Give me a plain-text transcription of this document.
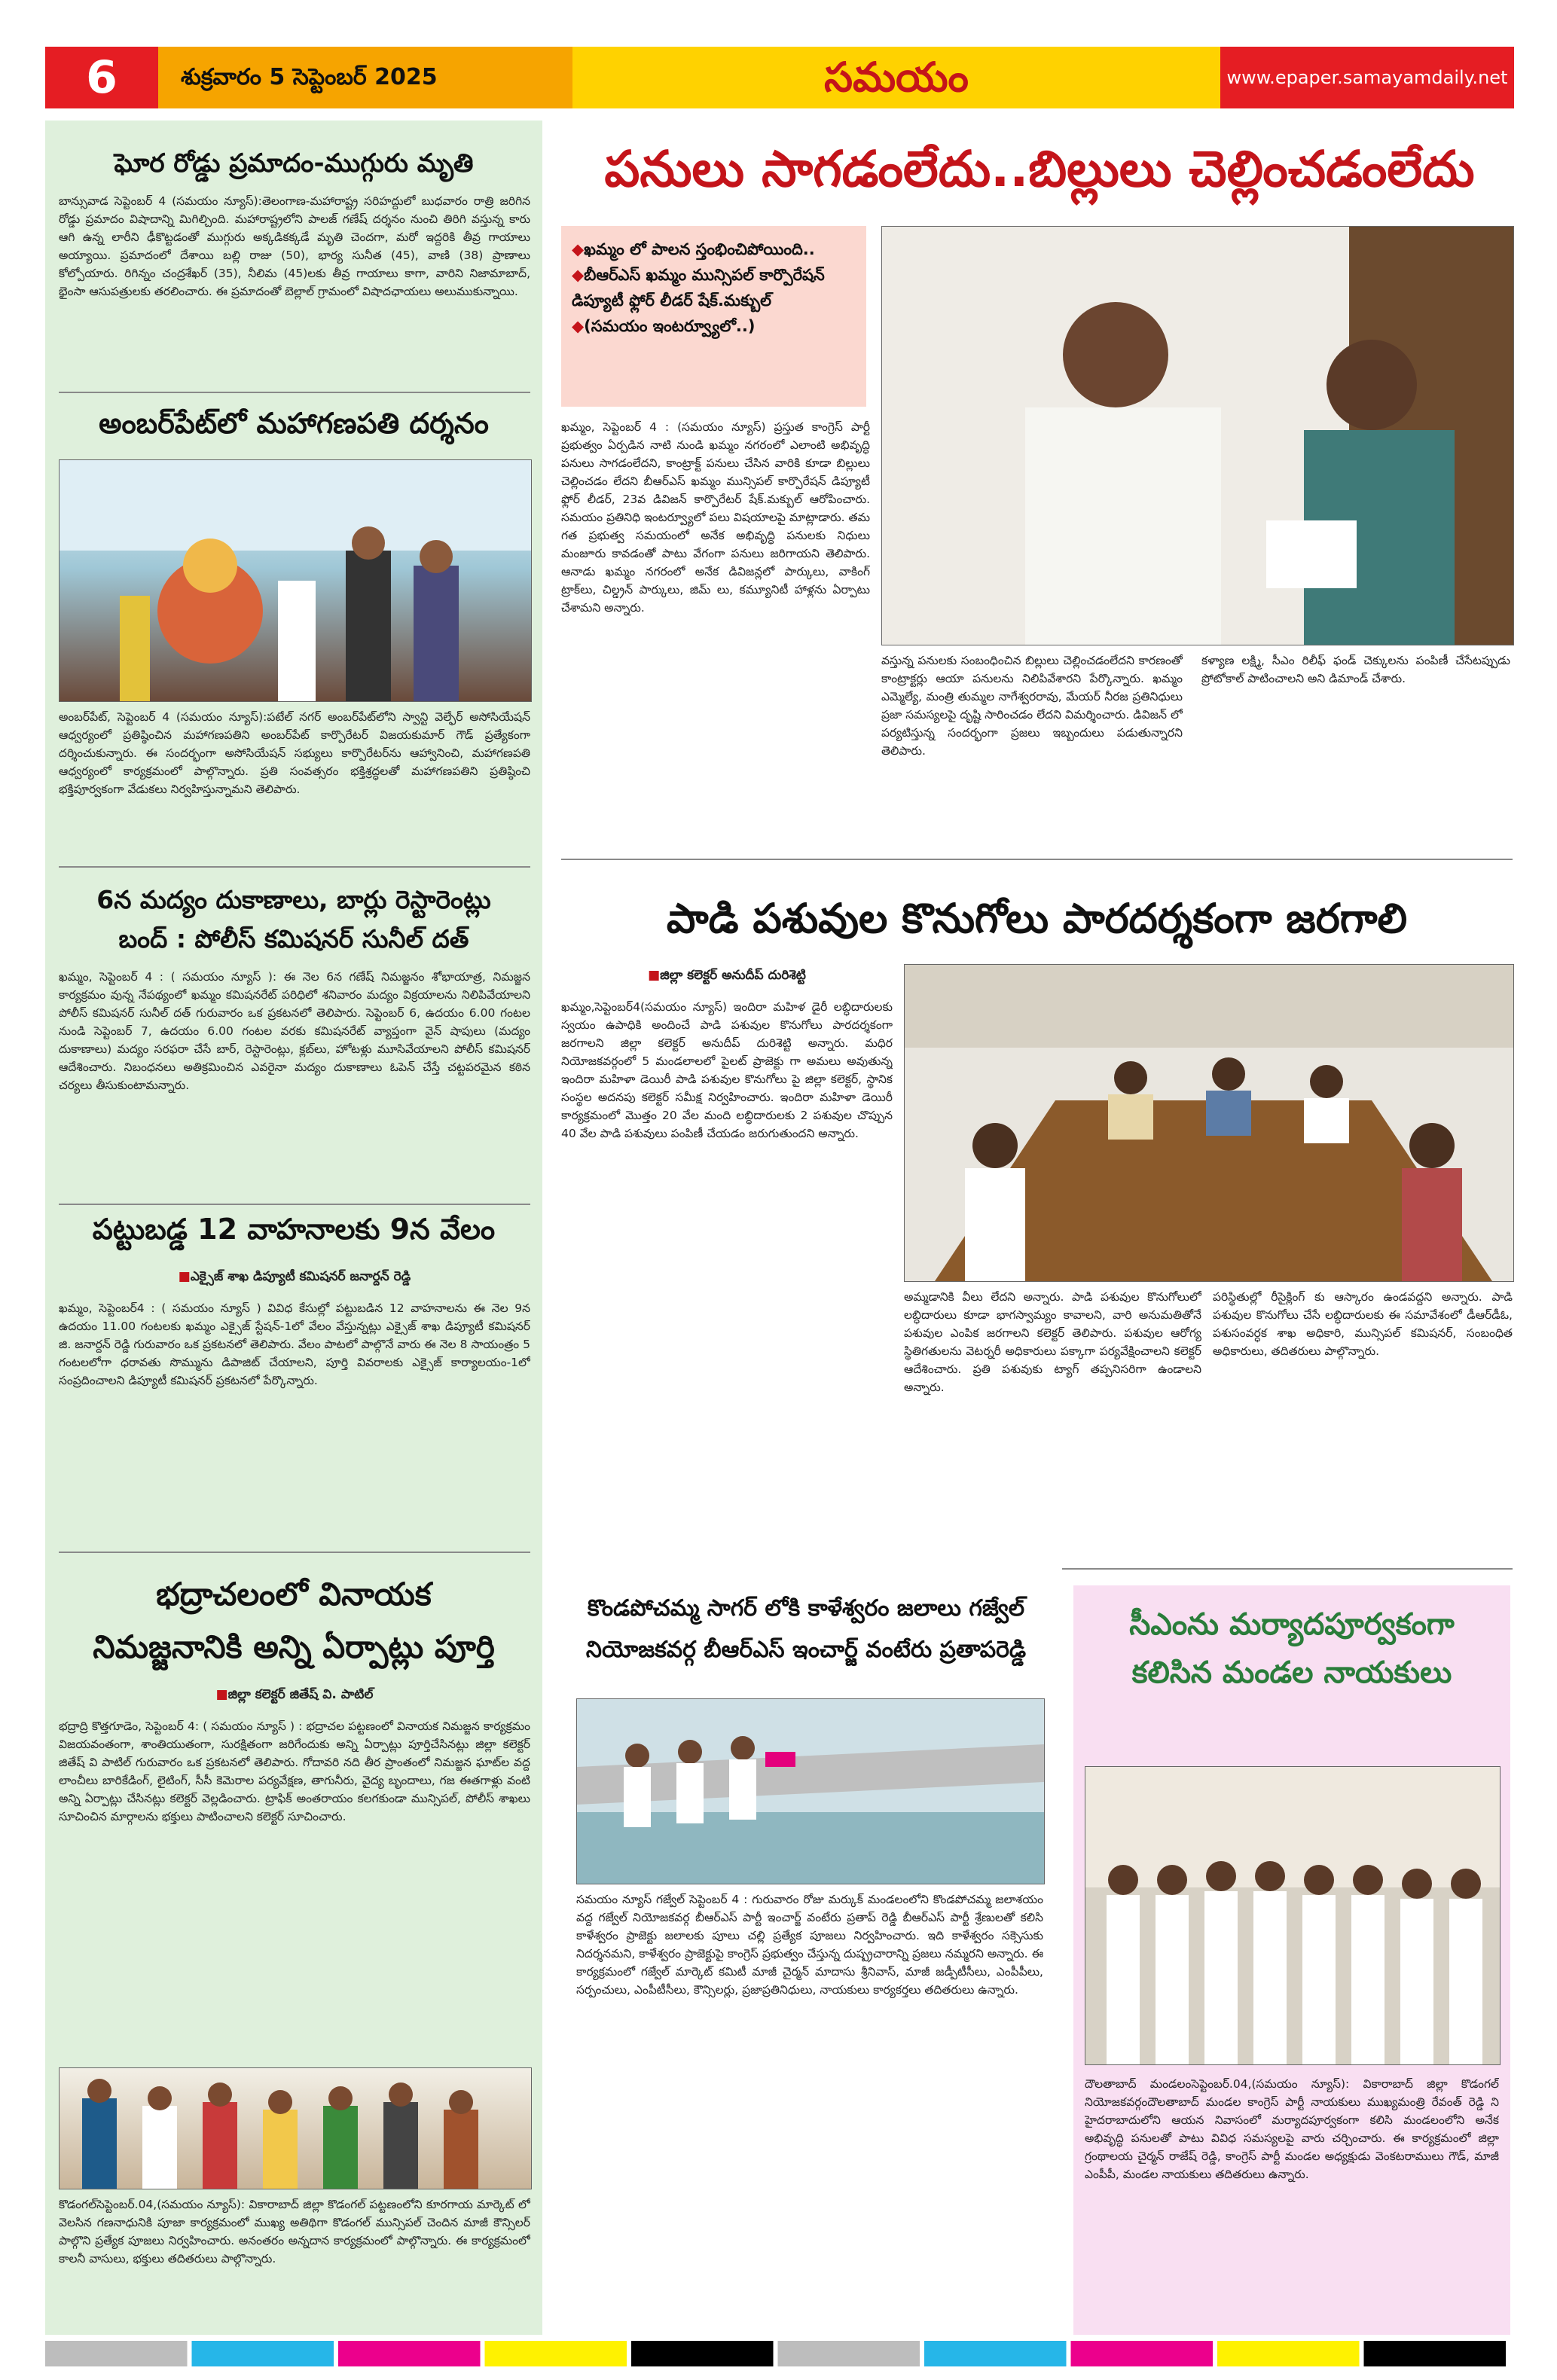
6	శుక్రవారం 5 సెప్టెంబర్ 2025	సమయం	www.epaper.samayamdaily.net
ఘోర రోడ్డు ప్రమాదం-ముగ్గురు మృతి
బాన్సువాడ సెప్టెంబర్ 4 (సమయం న్యూస్):తెలంగాణ-మహారాష్ట్ర సరిహద్దులో బుధవారం రాత్రి జరిగిన రోడ్డు ప్రమాదం విషాదాన్ని మిగిల్చింది. మహారాష్ట్రలోని పాలజ్ గణేష్ దర్శనం నుంచి తిరిగి వస్తున్న కారు ఆగి ఉన్న లారీని ఢీకొట్టడంతో ముగ్గురు అక్కడికక్కడే మృతి చెందగా, మరో ఇద్దరికి తీవ్ర గాయాలు అయ్యాయి. ప్రమాదంలో దేశాయి బల్లి రాజు (50), భార్య సునీత (45), వాణి (38) ప్రాణాలు కోల్పోయారు. రిగిన్నం చంద్రశేఖర్ (35), నీలిమ (45)లకు తీవ్ర గాయాలు కాగా, వారిని నిజామాబాద్, భైంసా ఆసుపత్రులకు తరలించారు. ఈ ప్రమాదంతో బెల్లాల్ గ్రామంలో విషాదఛాయలు అలుముకున్నాయి.
అంబర్‌పేట్‌లో మహాగణపతి దర్శనం
అంబర్‌పేట్, సెప్టెంబర్ 4 (సమయం న్యూస్):పటేల్ నగర్ అంబర్‌పేట్‌లోని స్వాన్టి వెల్ఫేర్ అసోసియేషన్ ఆధ్వర్యంలో ప్రతిష్ఠించిన మహాగణపతిని అంబర్‌పేట్ కార్పొరేటర్ విజయకుమార్ గౌడ్ ప్రత్యేకంగా దర్శించుకున్నారు. ఈ సందర్భంగా అసోసియేషన్ సభ్యులు కార్పొరేటర్‌ను ఆహ్వానించి, మహాగణపతి ఆధ్వర్యంలో కార్యక్రమంలో పాల్గొన్నారు. ప్రతి సంవత్సరం భక్తిశ్రద్ధలతో మహాగణపతిని ప్రతిష్ఠించి భక్తిపూర్వకంగా వేడుకలు నిర్వహిస్తున్నామని తెలిపారు.
6న మద్యం దుకాణాలు, బార్లు రెస్టారెంట్లు
బంద్ : పోలీస్ కమిషనర్ సునీల్ దత్
ఖమ్మం, సెప్టెంబర్ 4 : ( సమయం న్యూస్ ): ఈ నెల 6న గణేష్ నిమజ్జనం శోభాయాత్ర, నిమజ్జన కార్యక్రమం వున్న నేపథ్యంలో ఖమ్మం కమిషనరేట్ పరిధిలో శనివారం మద్యం విక్రయాలను నిలిపివేయాలని పోలీస్ కమిషనర్ సునీల్ దత్ గురువారం ఒక ప్రకటనలో తెలిపారు. సెప్టెంబర్ 6, ఉదయం 6.00 గంటల నుండి సెప్టెంబర్ 7, ఉదయం 6.00 గంటల వరకు కమిషనరేట్ వ్యాప్తంగా వైన్ షాపులు (మద్యం దుకాణాలు) మద్యం సరఫరా చేసే బార్, రెస్టారెంట్లు, క్లబ్‌లు, హోటళ్లు మూసివేయాలని పోలీస్ కమిషనర్ ఆదేశించారు. నిబంధనలు అతిక్రమించిన ఎవరైనా మద్యం దుకాణాలు ఓపెన్ చేస్తే చట్టపరమైన కఠిన చర్యలు తీసుకుంటామన్నారు.
పట్టుబడ్డ 12 వాహనాలకు 9న వేలం
■ ఎక్సైజ్ శాఖ డిప్యూటీ కమిషనర్ జనార్దన్ రెడ్డి
ఖమ్మం, సెప్టెంబర్4 : ( సమయం న్యూస్ ) వివిధ కేసుల్లో పట్టుబడిన 12 వాహనాలను ఈ నెల 9న ఉదయం 11.00 గంటలకు ఖమ్మం ఎక్సైజ్ స్టేషన్-1లో వేలం వేస్తున్నట్లు ఎక్సైజ్ శాఖ డిప్యూటీ కమిషనర్ జి. జనార్దన్ రెడ్డి గురువారం ఒక ప్రకటనలో తెలిపారు. వేలం పాటలో పాల్గొనే వారు ఈ నెల 8 సాయంత్రం 5 గంటలలోగా ధరావతు సొమ్మును డిపాజిట్ చేయాలని, పూర్తి వివరాలకు ఎక్సైజ్ కార్యాలయం-1లో సంప్రదించాలని డిప్యూటీ కమిషనర్ ప్రకటనలో పేర్కొన్నారు.
భద్రాచలంలో వినాయక
నిమజ్జనానికి అన్ని ఏర్పాట్లు పూర్తి
■ జిల్లా కలెక్టర్ జితేష్ వి. పాటిల్
భద్రాద్రి కొత్తగూడెం, సెప్టెంబర్ 4: ( సమయం న్యూస్ ) : భద్రాచల పట్టణంలో వినాయక నిమజ్జన కార్యక్రమం విజయవంతంగా, శాంతియుతంగా, సురక్షితంగా జరిగేందుకు అన్ని ఏర్పాట్లు పూర్తిచేసినట్లు జిల్లా కలెక్టర్ జితేష్ వి పాటిల్ గురువారం ఒక ప్రకటనలో తెలిపారు. గోదావరి నది తీర ప్రాంతంలో నిమజ్జన ఘాట్‌ల వద్ద లాంచీలు బారికేడింగ్, లైటింగ్, సీసీ కెమెరాల పర్యవేక్షణ, తాగునీరు, వైద్య బృందాలు, గజ ఈతగాళ్లు వంటి అన్ని ఏర్పాట్లు చేసినట్లు కలెక్టర్ వెల్లడించారు. ట్రాఫిక్ అంతరాయం కలగకుండా మున్సిపల్, పోలీస్ శాఖలు సూచించిన మార్గాలను భక్తులు పాటించాలని కలెక్టర్ సూచించారు.
కొడంగల్‌సెప్టెంబర్.04,(సమయం న్యూస్): వికారాబాద్ జిల్లా కొడంగల్ పట్టణంలోని కూరగాయ మార్కెట్ లో వెలసిన గణనాధునికి పూజా కార్యక్రమంలో ముఖ్య అతిథిగా కొడంగల్ మున్సిపల్ చెందిన మాజీ కౌన్సిలర్ పాల్గొని ప్రత్యేక పూజలు నిర్వహించారు. అనంతరం అన్నదాన కార్యక్రమంలో పాల్గొన్నారు. ఈ కార్యక్రమంలో కాలనీ వాసులు, భక్తులు తదితరులు పాల్గొన్నారు.
పనులు సాగడంలేదు..బిల్లులు చెల్లించడంలేదు
◆ ఖమ్మం లో పాలన స్తంభించిపోయింది..
◆ బీఆర్ఎస్ ఖమ్మం మున్సిపల్ కార్పొరేషన్ డిప్యూటీ ఫ్లోర్ లీడర్ షేక్.మక్బుల్
◆ (సమయం ఇంటర్వ్యూలో..)
ఖమ్మం, సెప్టెంబర్ 4 : (సమయం న్యూస్) ప్రస్తుత కాంగ్రెస్ పార్టీ ప్రభుత్వం ఏర్పడిన నాటి నుండి ఖమ్మం నగరంలో ఎలాంటి అభివృద్ధి పనులు సాగడంలేదని, కాంట్రాక్ట్ పనులు చేసిన వారికి కూడా బిల్లులు చెల్లించడం లేదని బీఆర్ఎస్ ఖమ్మం మున్సిపల్ కార్పొరేషన్ డిప్యూటీ ఫ్లోర్ లీడర్, 23వ డివిజన్ కార్పొరేటర్ షేక్.మక్బుల్ ఆరోపించారు. సమయం ప్రతినిధి ఇంటర్వ్యూలో పలు విషయాలపై మాట్లాడారు. తమ గత ప్రభుత్వ సమయంలో అనేక అభివృద్ధి పనులకు నిధులు మంజూరు కావడంతో పాటు వేగంగా పనులు జరిగాయని తెలిపారు. ఆనాడు ఖమ్మం నగరంలో అనేక డివిజన్లలో పార్కులు, వాకింగ్ ట్రాక్‌లు, చిల్డ్రన్ పార్కులు, జిమ్ లు, కమ్యూనిటీ హాళ్లను ఏర్పాటు చేశామని అన్నారు.
వస్తున్న పనులకు సంబంధించిన బిల్లులు చెల్లించడంలేదని కారణంతో కాంట్రాక్టర్లు ఆయా పనులను నిలిపివేశారని పేర్కొన్నారు. ఖమ్మం ఎమ్మెల్యే, మంత్రి తుమ్మల నాగేశ్వరరావు, మేయర్ నీరజ ప్రతినిధులు ప్రజా సమస్యలపై దృష్టి సారించడం లేదని విమర్శించారు. డివిజన్ లో పర్యటిస్తున్న సందర్భంగా ప్రజలు ఇబ్బందులు పడుతున్నారని తెలిపారు.
కళ్యాణ లక్ష్మి, సీఎం రిలీఫ్ ఫండ్ చెక్కులను పంపిణీ చేసేటప్పుడు ప్రోటోకాల్ పాటించాలని అని డిమాండ్ చేశారు.
పాడి పశువుల కొనుగోలు పారదర్శకంగా జరగాలి
■ జిల్లా కలెక్టర్ అనుదీప్ దురిశెట్టి
ఖమ్మం,సెప్టెంబర్4(సమయం న్యూస్) ఇందిరా మహిళ డైరీ లబ్ధిదారులకు స్వయం ఉపాధికి అందించే పాడి పశువుల కొనుగోలు పారదర్శకంగా జరగాలని జిల్లా కలెక్టర్ అనుదీప్ దురిశెట్టి అన్నారు. మధిర నియోజకవర్గంలో 5 మండలాలలో పైలట్ ప్రాజెక్టు గా అమలు అవుతున్న ఇందిరా మహిళా డెయిరీ పాడి పశువుల కొనుగోలు పై జిల్లా కలెక్టర్, స్థానిక సంస్థల అదనపు కలెక్టర్ సమీక్ష నిర్వహించారు. ఇందిరా మహిళా డెయిరీ కార్యక్రమంలో మొత్తం 20 వేల మంది లబ్ధిదారులకు 2 పశువుల చొప్పున 40 వేల పాడి పశువులు పంపిణీ చేయడం జరుగుతుందని అన్నారు.
అమ్మడానికి వీలు లేదని అన్నారు. పాడి పశువుల కొనుగోలులో లబ్ధిదారులు కూడా భాగస్వామ్యం కావాలని, వారి అనుమతితోనే పశువుల ఎంపిక జరగాలని కలెక్టర్ తెలిపారు. పశువుల ఆరోగ్య స్థితిగతులను వెటర్నరీ అధికారులు పక్కాగా పర్యవేక్షించాలని కలెక్టర్ ఆదేశించారు. ప్రతి పశువుకు ట్యాగ్ తప్పనిసరిగా ఉండాలని అన్నారు.
పరిస్థితుల్లో రీసైక్లింగ్ కు ఆస్కారం ఉండవద్దని అన్నారు. పాడి పశువుల కొనుగోలు చేసే లబ్ధిదారులకు ఈ సమావేశంలో డీఆర్‌డీఓ, పశుసంవర్ధక శాఖ అధికారి, మున్సిపల్ కమిషనర్, సంబంధిత అధికారులు, తదితరులు పాల్గొన్నారు.
కొండపోచమ్మ సాగర్ లోకి కాళేశ్వరం జలాలు గజ్వేల్
నియోజకవర్గ బీఆర్ఎస్ ఇంచార్జ్ వంటేరు ప్రతాపరెడ్డి
సమయం న్యూస్ గజ్వేల్ సెప్టెంబర్ 4 : గురువారం రోజు మర్కుక్ మండలంలోని కొండపోచమ్మ జలాశయం వద్ద గజ్వేల్ నియోజకవర్గ బీఆర్ఎస్ పార్టీ ఇంచార్జ్ వంటేరు ప్రతాప్ రెడ్డి బీఆర్ఎస్ పార్టీ శ్రేణులతో కలిసి కాళేశ్వరం ప్రాజెక్టు జలాలకు పూలు చల్లి ప్రత్యేక పూజలు నిర్వహించారు. ఇది కాళేశ్వరం సక్సెసుకు నిదర్శనమని, కాళేశ్వరం ప్రాజెక్టుపై కాంగ్రెస్ ప్రభుత్వం చేస్తున్న దుష్ప్రచారాన్ని ప్రజలు నమ్మరని అన్నారు. ఈ కార్యక్రమంలో గజ్వేల్ మార్కెట్ కమిటీ మాజీ చైర్మన్ మాదాసు శ్రీనివాస్, మాజీ జడ్పీటీసీలు, ఎంపీపీలు, సర్పంచులు, ఎంపీటీసీలు, కౌన్సిలర్లు, ప్రజాప్రతినిధులు, నాయకులు కార్యకర్తలు తదితరులు ఉన్నారు.
సీఎంను మర్యాదపూర్వకంగా
కలిసిన మండల నాయకులు
దౌలతాబాద్ మండలంసెప్టెంబర్.04,(సమయం న్యూస్): వికారాబాద్ జిల్లా కొడంగల్ నియోజకవర్గందౌలతాబాద్ మండల కాంగ్రెస్ పార్టీ నాయకులు ముఖ్యమంత్రి రేవంత్ రెడ్డి ని హైదరాబాదులోని ఆయన నివాసంలో మర్యాదపూర్వకంగా కలిసి మండలంలోని అనేక అభివృద్ధి పనులతో పాటు వివిధ సమస్యలపై వారు చర్చించారు. ఈ కార్యక్రమంలో జిల్లా గ్రంథాలయ చైర్మన్ రాజేష్ రెడ్డి, కాంగ్రెస్ పార్టీ మండల అధ్యక్షుడు వెంకటరాములు గౌడ్, మాజీ ఎంపీపీ, మండల నాయకులు తదితరులు ఉన్నారు.
